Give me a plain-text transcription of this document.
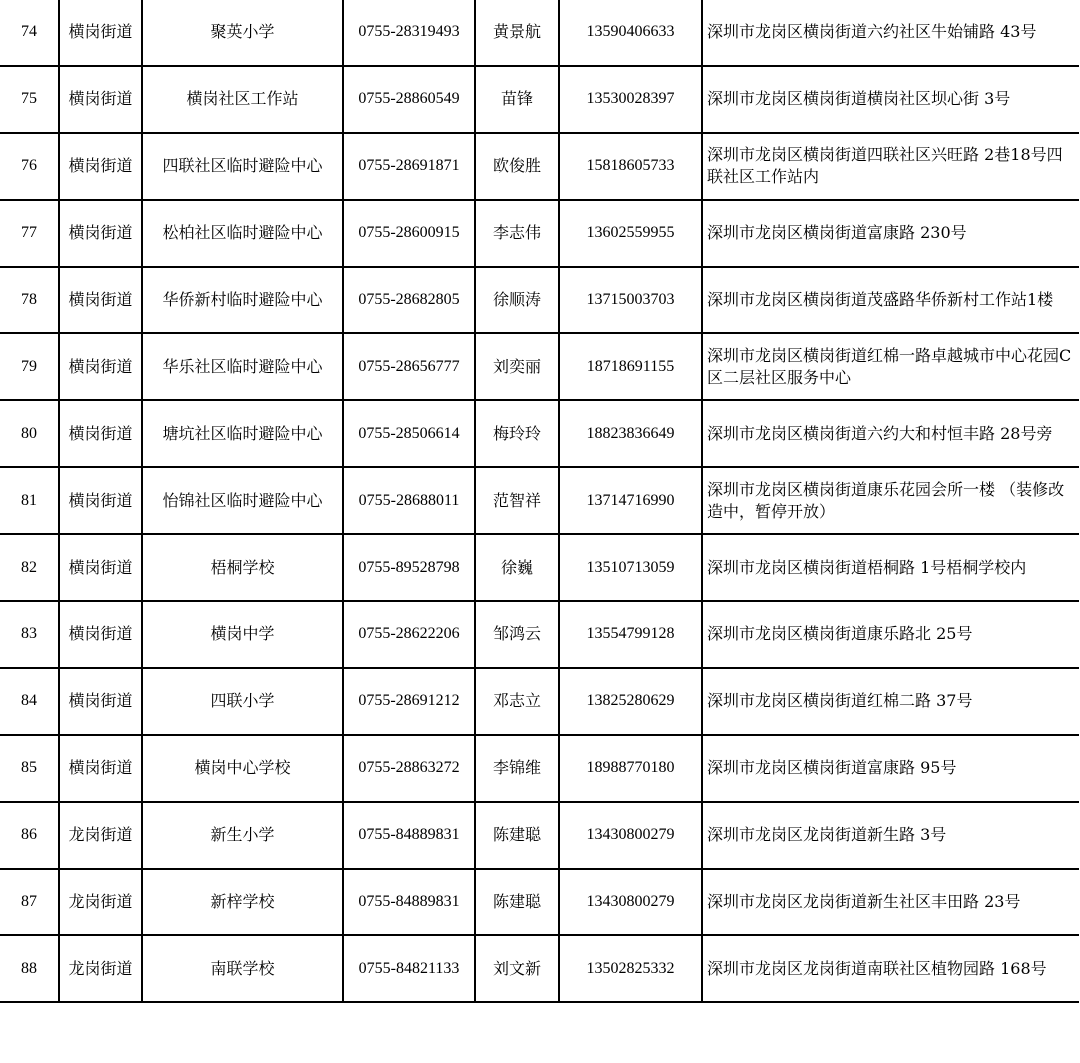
74	横岗街道	聚英小学	0755-28319493	黄景航	13590406633	深圳市龙岗区横岗街道六约社区牛始铺路 43号
75	横岗街道	横岗社区工作站	0755-28860549	苗锋	13530028397	深圳市龙岗区横岗街道横岗社区坝心街 3号
76	横岗街道	四联社区临时避险中心	0755-28691871	欧俊胜	15818605733	深圳市龙岗区横岗街道四联社区兴旺路 2巷18号四联社区工作站内
77	横岗街道	松柏社区临时避险中心	0755-28600915	李志伟	13602559955	深圳市龙岗区横岗街道富康路 230号
78	横岗街道	华侨新村临时避险中心	0755-28682805	徐顺涛	13715003703	深圳市龙岗区横岗街道茂盛路华侨新村工作站1楼
79	横岗街道	华乐社区临时避险中心	0755-28656777	刘奕丽	18718691155	深圳市龙岗区横岗街道红棉一路卓越城市中心花园C区二层社区服务中心
80	横岗街道	塘坑社区临时避险中心	0755-28506614	梅玲玲	18823836649	深圳市龙岗区横岗街道六约大和村恒丰路 28号旁
81	横岗街道	怡锦社区临时避险中心	0755-28688011	范智祥	13714716990	深圳市龙岗区横岗街道康乐花园会所一楼 （装修改造中，暂停开放）
82	横岗街道	梧桐学校	0755-89528798	徐巍	13510713059	深圳市龙岗区横岗街道梧桐路 1号梧桐学校内
83	横岗街道	横岗中学	0755-28622206	邹鸿云	13554799128	深圳市龙岗区横岗街道康乐路北 25号
84	横岗街道	四联小学	0755-28691212	邓志立	13825280629	深圳市龙岗区横岗街道红棉二路 37号
85	横岗街道	横岗中心学校	0755-28863272	李锦维	18988770180	深圳市龙岗区横岗街道富康路 95号
86	龙岗街道	新生小学	0755-84889831	陈建聪	13430800279	深圳市龙岗区龙岗街道新生路 3号
87	龙岗街道	新梓学校	0755-84889831	陈建聪	13430800279	深圳市龙岗区龙岗街道新生社区丰田路 23号
88	龙岗街道	南联学校	0755-84821133	刘文新	13502825332	深圳市龙岗区龙岗街道南联社区植物园路 168号
